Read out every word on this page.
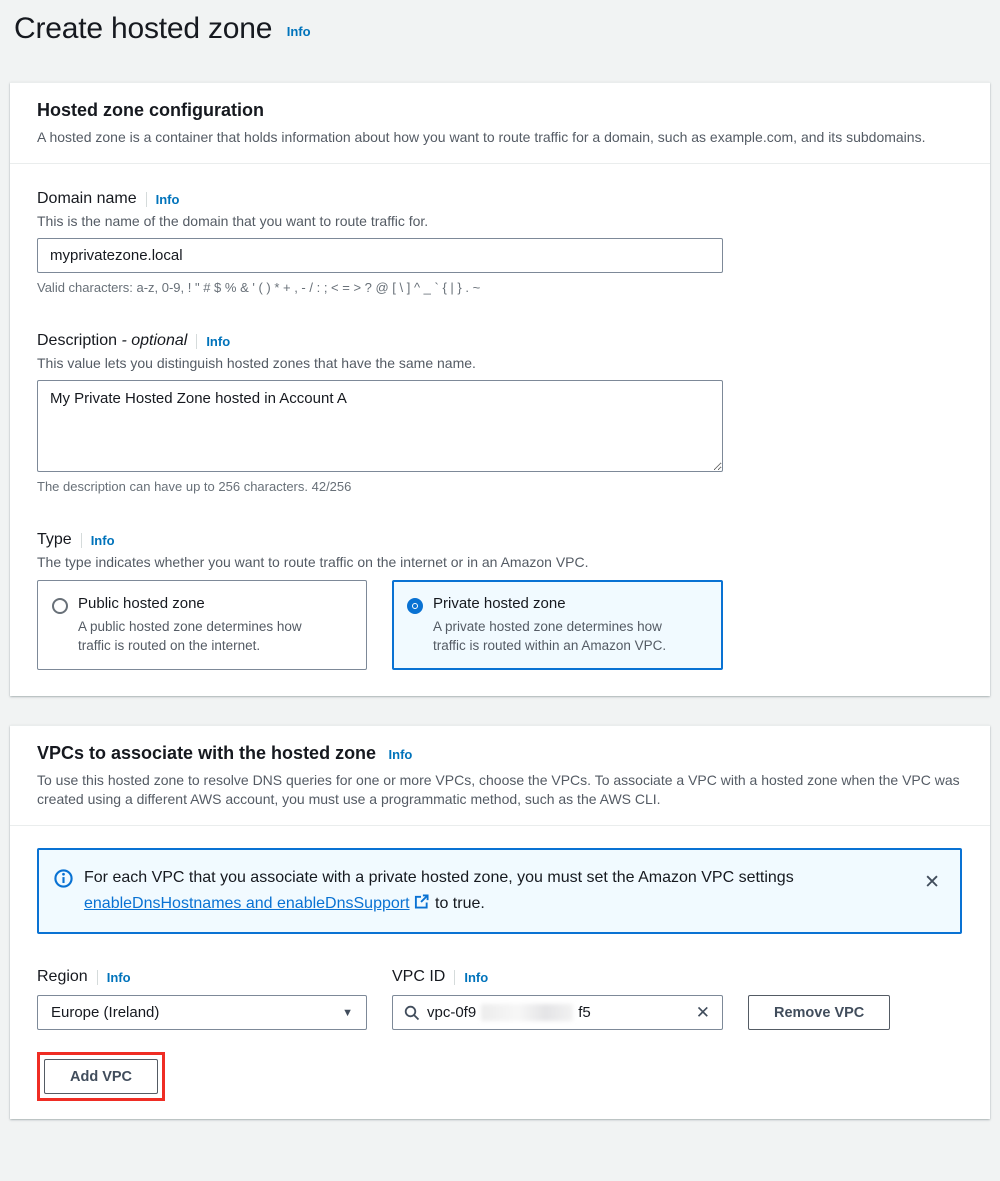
Create hosted zone Info
Hosted zone configuration
A hosted zone is a container that holds information about how you want to route traffic for a domain, such as example.com, and its subdomains.
Domain name Info
This is the name of the domain that you want to route traffic for.
myprivatezone.local
Valid characters: a-z, 0-9, ! " # $ % & ' ( ) * + , - / : ; < = > ? @ [ \ ] ^ _ ` { | } . ~
Description - optional Info
This value lets you distinguish hosted zones that have the same name.
My Private Hosted Zone hosted in Account A
The description can have up to 256 characters. 42/256
Type Info
The type indicates whether you want to route traffic on the internet or in an Amazon VPC.
Public hosted zone
A public hosted zone determines how traffic is routed on the internet.
Private hosted zone
A private hosted zone determines how traffic is routed within an Amazon VPC.
VPCs to associate with the hosted zone Info
To use this hosted zone to resolve DNS queries for one or more VPCs, choose the VPCs. To associate a VPC with a hosted zone when the VPC was created using a different AWS account, you must use a programmatic method, such as the AWS CLI.
For each VPC that you associate with a private hosted zone, you must set the Amazon VPC settings enableDnsHostnames and enableDnsSupport to true.
✕
Region Info
Europe (Ireland)	▼
VPC ID Info
vpc-0f9	f5	✕	Remove VPC
Add VPC
